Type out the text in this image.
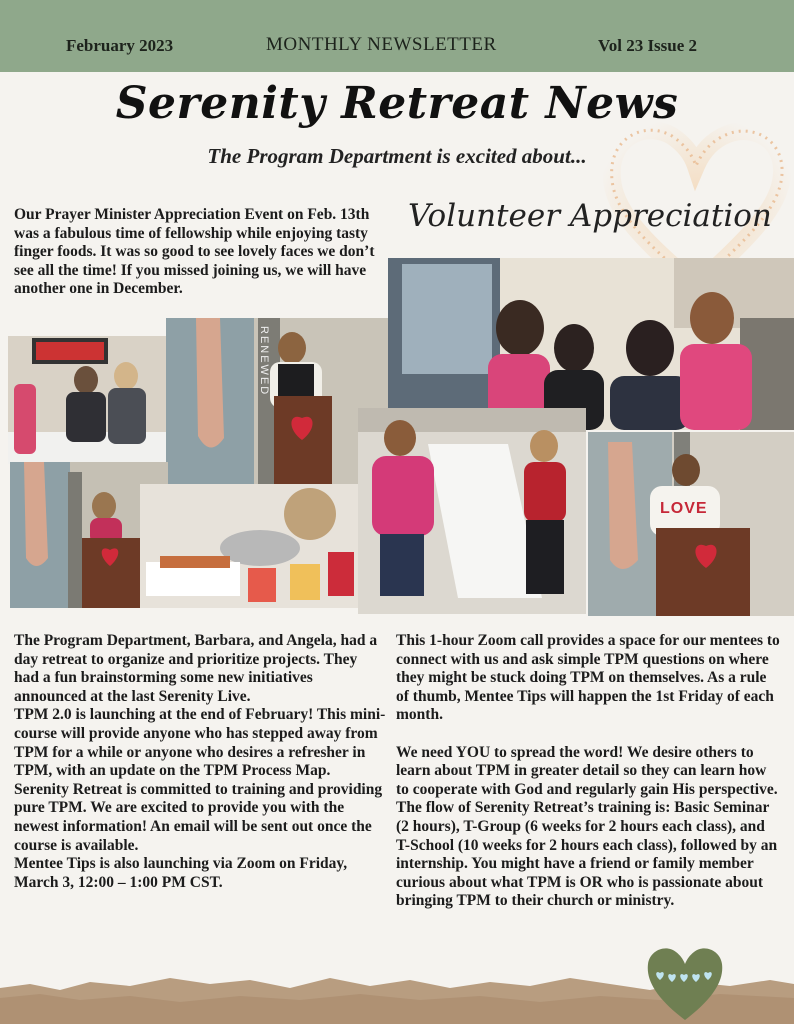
February 2023	MONTHLY NEWSLETTER	Vol 23 Issue 2
Serenity Retreat News
The Program Department is excited about...

Our Prayer Minister Appreciation Event on Feb. 13th was a fabulous time of fellowship while enjoying tasty finger foods. It was so good to see lovely faces we don’t see all the time! If you missed joining us, we will have another one in December.

Volunteer Appreciation
RENEWED
LOVE

The Program Department, Barbara, and Angela, had a day retreat to organize and prioritize projects. They had a fun brainstorming some new initiatives announced at the last Serenity Live.

TPM 2.0 is launching at the end of February! This mini-course will provide anyone who has stepped away from TPM for a while or anyone who desires a refresher in TPM, with an update on the TPM Process Map. Serenity Retreat is committed to training and providing pure TPM. We are excited to provide you with the newest information! An email will be sent out once the course is available.

Mentee Tips is also launching via Zoom on Friday, March 3, 12:00 – 1:00 PM CST.

This 1-hour Zoom call provides a space for our mentees to connect with us and ask simple TPM questions on where they might be stuck doing TPM on themselves. As a rule of thumb, Mentee Tips will happen the 1st Friday of each month.

We need YOU to spread the word! We desire others to learn about TPM in greater detail so they can learn how to cooperate with God and regularly gain His perspective. The flow of Serenity Retreat’s training is: Basic Seminar (2 hours), T-Group (6 weeks for 2 hours each class), and T-School (10 weeks for 2 hours each class), followed by an internship. You might have a friend or family member curious about what TPM is OR who is passionate about bringing TPM to their church or ministry.
